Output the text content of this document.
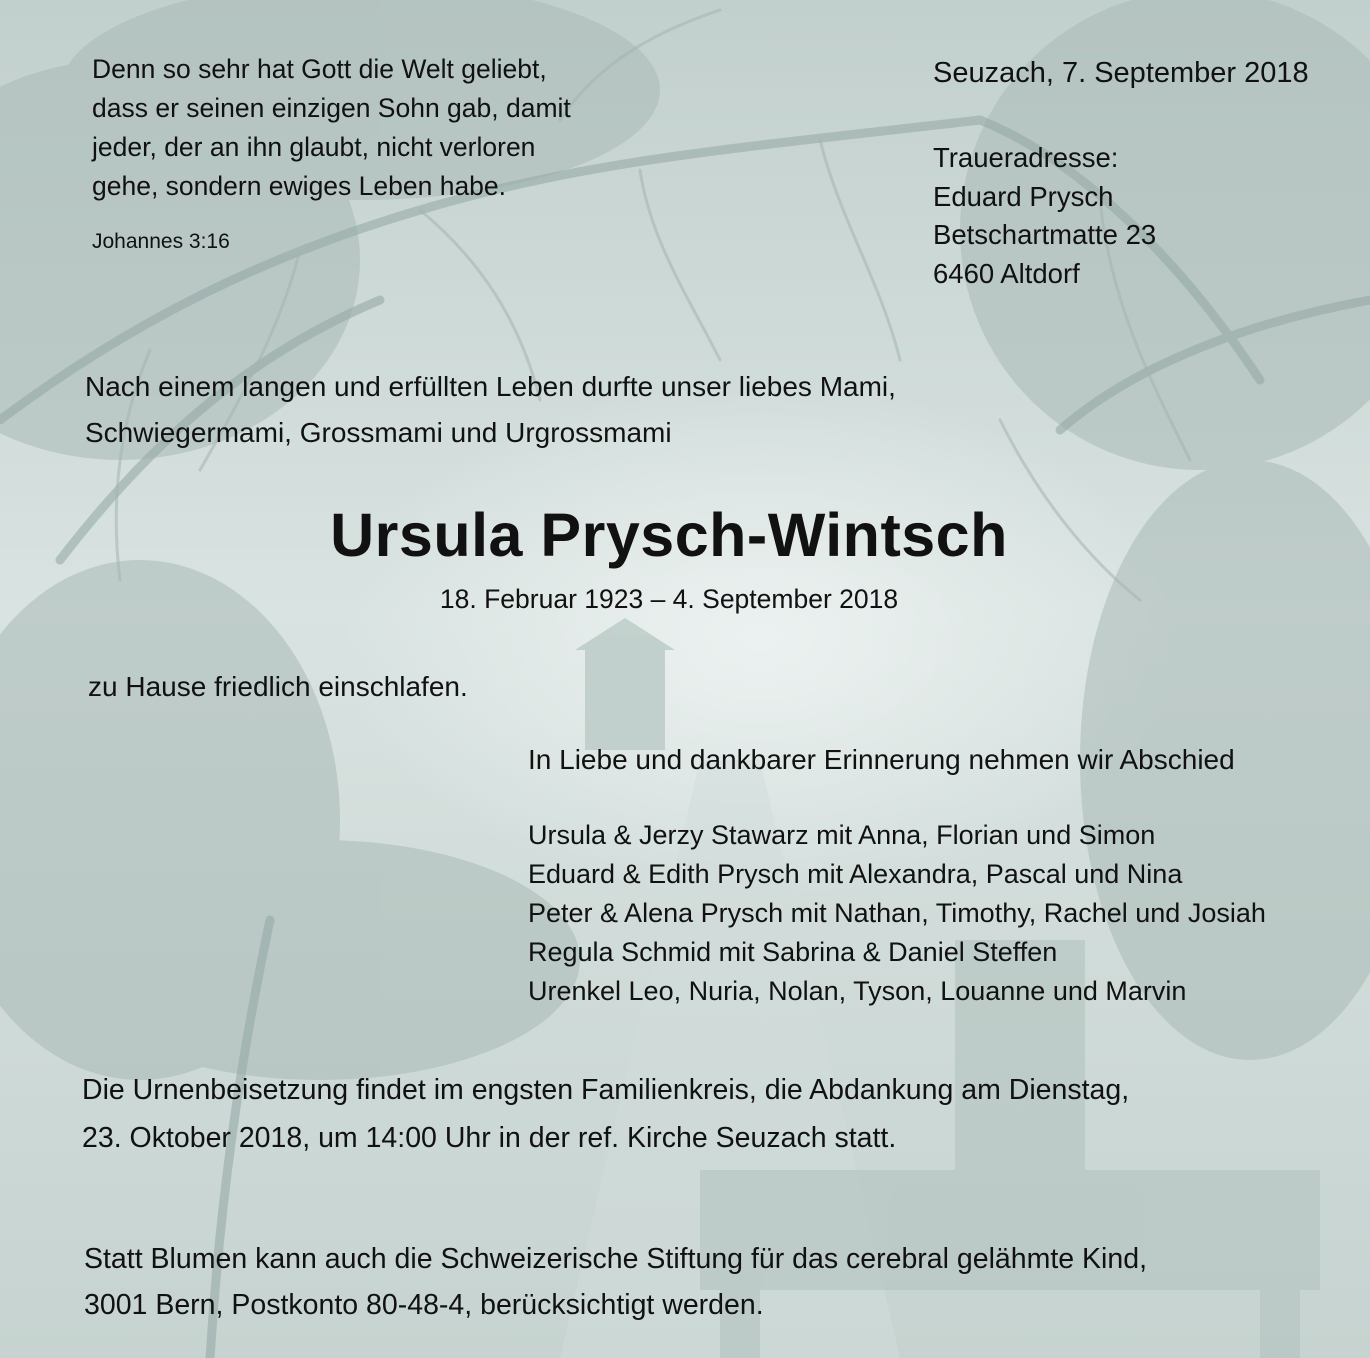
Denn so sehr hat Gott die Welt geliebt,
dass er seinen einzigen Sohn gab, damit
jeder, der an ihn glaubt, nicht verloren
gehe, sondern ewiges Leben habe.
Johannes 3:16
Seuzach, 7. September 2018
Traueradresse:
Eduard Prysch
Betschartmatte 23
6460 Altdorf
Nach einem langen und erfüllten Leben durfte unser liebes Mami,
Schwiegermami, Grossmami und Urgrossmami
Ursula Prysch-Wintsch
18. Februar 1923 – 4. September 2018
zu Hause friedlich einschlafen.
In Liebe und dankbarer Erinnerung nehmen wir Abschied
Ursula & Jerzy Stawarz mit Anna, Florian und Simon
Eduard & Edith Prysch mit Alexandra, Pascal und Nina
Peter & Alena Prysch mit Nathan, Timothy, Rachel und Josiah
Regula Schmid mit Sabrina & Daniel Steffen
Urenkel Leo, Nuria, Nolan, Tyson, Louanne und Marvin
Die Urnenbeisetzung findet im engsten Familienkreis, die Abdankung am Dienstag,
23. Oktober 2018, um 14:00 Uhr in der ref. Kirche Seuzach statt.
Statt Blumen kann auch die Schweizerische Stiftung für das cerebral gelähmte Kind,
3001 Bern, Postkonto 80-48-4, berücksichtigt werden.
